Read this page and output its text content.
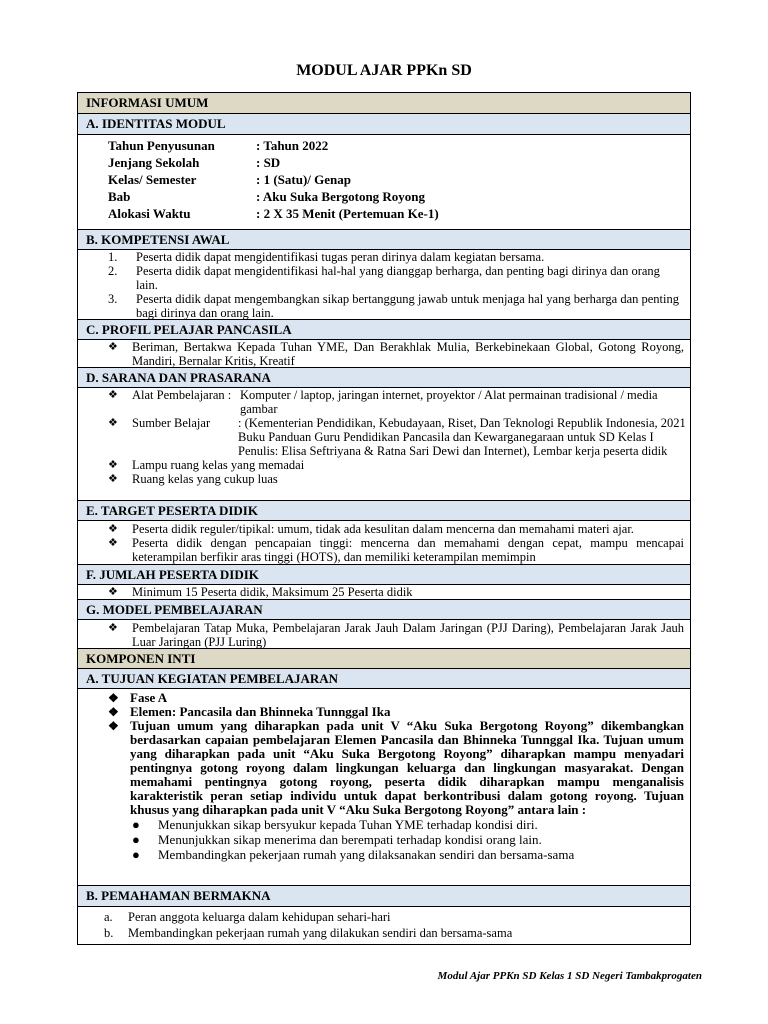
MODUL AJAR PPKn SD
INFORMASI UMUM
A. IDENTITAS MODUL
Tahun Penyusunan	: Tahun 2022
Jenjang Sekolah	: SD
Kelas/ Semester	: 1 (Satu)/ Genap
Bab	: Aku Suka Bergotong Royong
Alokasi Waktu	: 2 X 35 Menit (Pertemuan Ke-1)
B. KOMPETENSI AWAL
1.	Peserta didik dapat mengidentifikasi tugas peran dirinya dalam kegiatan bersama.
2.	Peserta didik dapat mengidentifikasi hal-hal yang dianggap berharga, dan penting bagi dirinya dan orang lain.
3.	Peserta didik dapat mengembangkan sikap bertanggung jawab untuk menjaga hal yang berharga dan penting bagi dirinya dan orang lain.
C. PROFIL PELAJAR PANCASILA
❖	Beriman, Bertakwa Kepada Tuhan YME, Dan Berakhlak Mulia, Berkebinekaan Global, Gotong Royong, Mandiri, Bernalar Kritis, Kreatif
D. SARANA DAN PRASARANA
❖	Alat Pembelajaran : Komputer / laptop, jaringan internet, proyektor / Alat permainan tradisional / media gambar
❖	Sumber Belajar	: (Kementerian Pendidikan, Kebudayaan, Riset, Dan Teknologi Republik Indonesia, 2021 Buku Panduan Guru Pendidikan Pancasila dan Kewarganegaraan untuk SD Kelas I Penulis: Elisa Seftriyana & Ratna Sari Dewi dan Internet), Lembar kerja peserta didik
❖	Lampu ruang kelas yang memadai
❖	Ruang kelas yang cukup luas
E. TARGET PESERTA DIDIK
❖	Peserta didik reguler/tipikal: umum, tidak ada kesulitan dalam mencerna dan memahami materi ajar.
❖	Peserta didik dengan pencapaian tinggi: mencerna dan memahami dengan cepat, mampu mencapai keterampilan berfikir aras tinggi (HOTS), dan memiliki keterampilan memimpin
F. JUMLAH PESERTA DIDIK
❖	Minimum 15 Peserta didik, Maksimum 25 Peserta didik
G. MODEL PEMBELAJARAN
❖	Pembelajaran Tatap Muka, Pembelajaran Jarak Jauh Dalam Jaringan (PJJ Daring), Pembelajaran Jarak Jauh Luar Jaringan (PJJ Luring)
KOMPONEN INTI
A. TUJUAN KEGIATAN PEMBELAJARAN
❖ Fase A
❖ Elemen: Pancasila dan Bhinneka Tunnggal Ika
❖ Tujuan umum yang diharapkan pada unit V “Aku Suka Bergotong Royong” dikembangkan berdasarkan capaian pembelajaran Elemen Pancasila dan Bhinneka Tunnggal Ika. Tujuan umum yang diharapkan pada unit “Aku Suka Bergotong Royong” diharapkan mampu menyadari pentingnya gotong royong dalam lingkungan keluarga dan lingkungan masyarakat. Dengan memahami pentingnya gotong royong, peserta didik diharapkan mampu menganalisis karakteristik peran setiap individu untuk dapat berkontribusi dalam gotong royong. Tujuan khusus yang diharapkan pada unit V “Aku Suka Bergotong Royong” antara lain :
●	Menunjukkan sikap bersyukur kepada Tuhan YME terhadap kondisi diri.
●	Menunjukkan sikap menerima dan berempati terhadap kondisi orang lain.
●	Membandingkan pekerjaan rumah yang dilaksanakan sendiri dan bersama-sama
B. PEMAHAMAN BERMAKNA
a.	Peran anggota keluarga dalam kehidupan sehari-hari
b.	Membandingkan pekerjaan rumah yang dilakukan sendiri dan bersama-sama
Modul Ajar PPKn SD Kelas 1 SD Negeri Tambakprogaten
